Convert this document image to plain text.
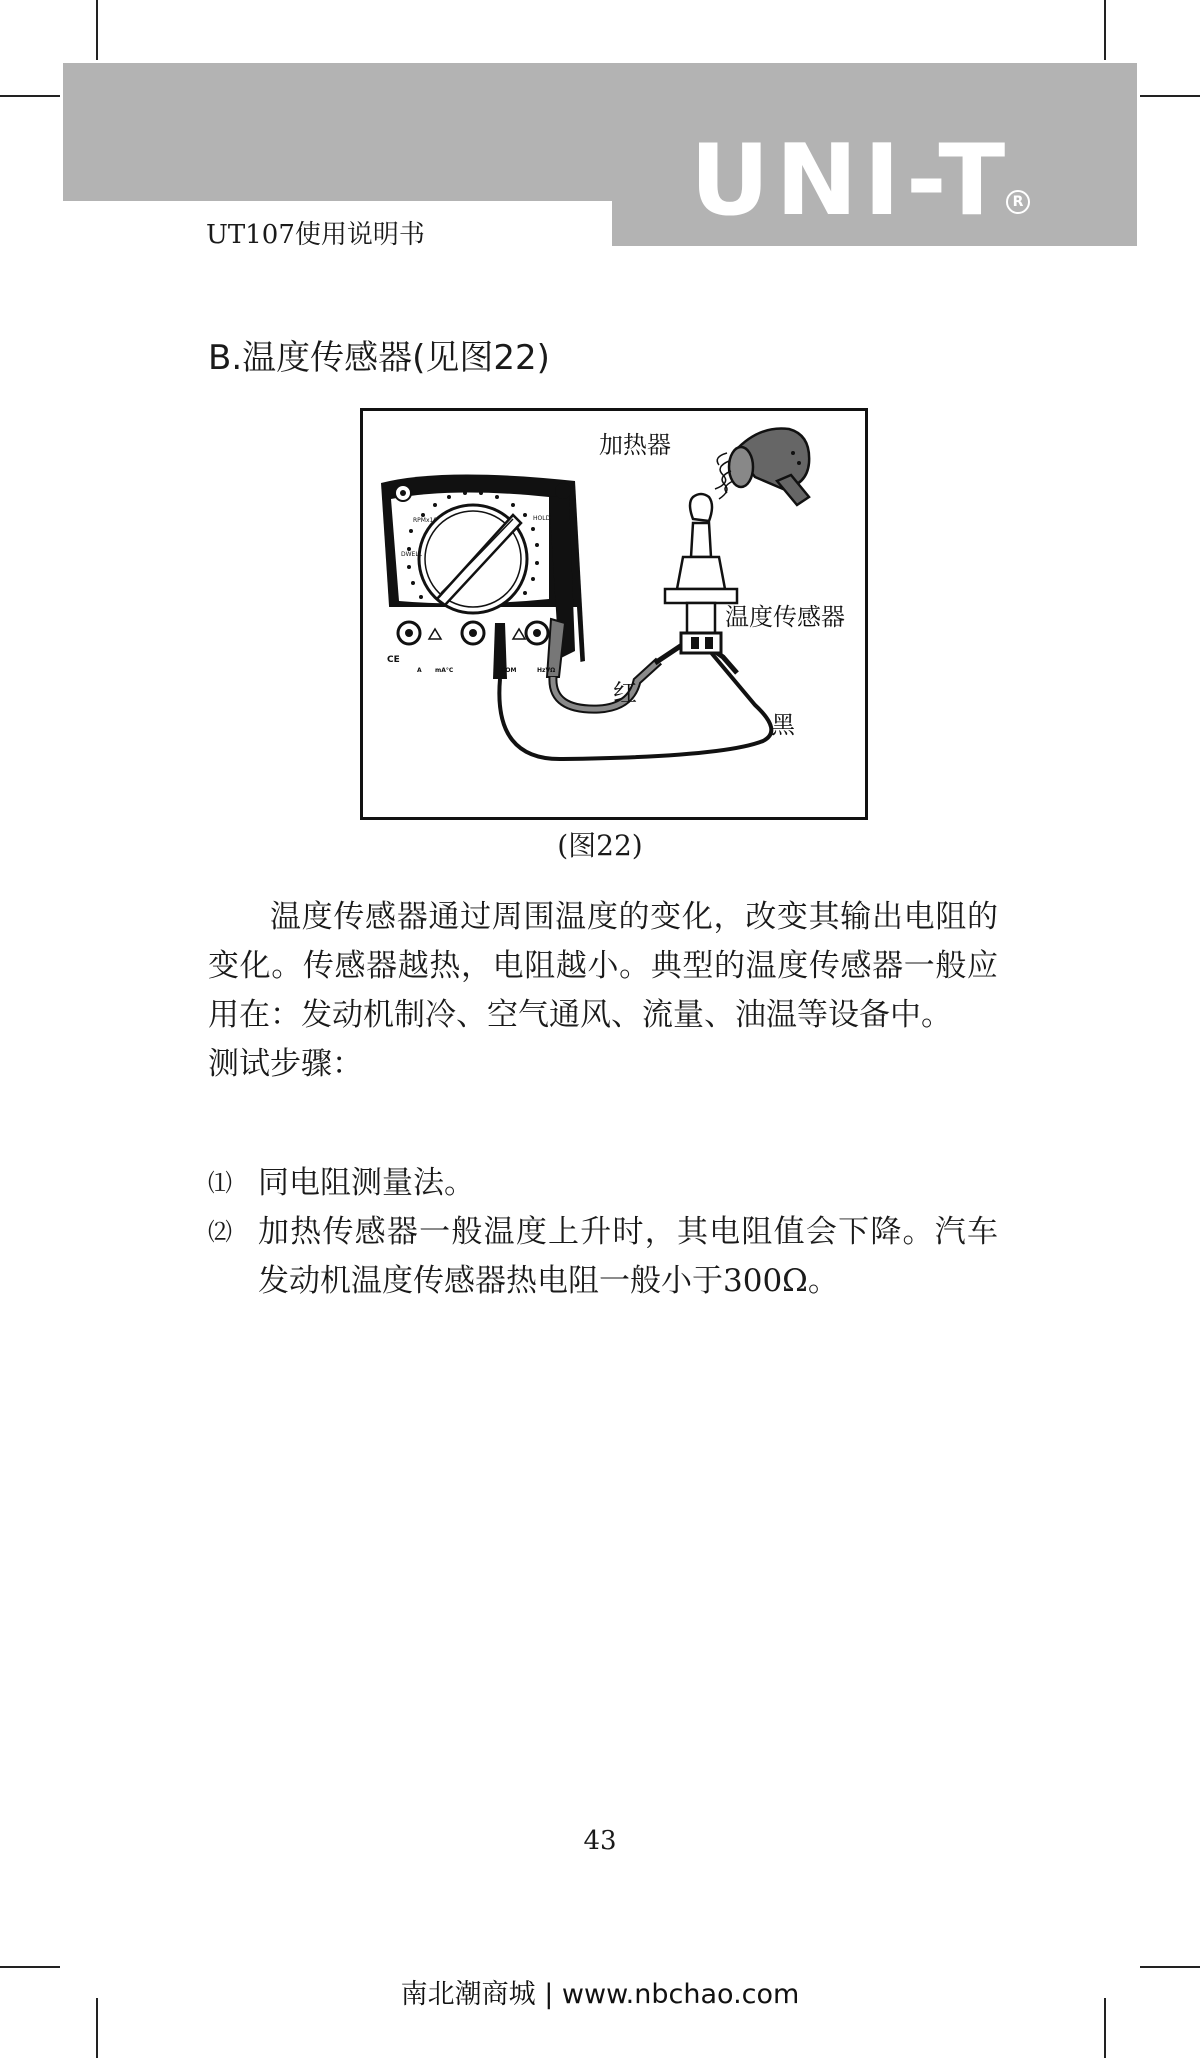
UNI-T R
UT107使用说明书
B.温度传感器(见图22)
加热器
温度传感器
红
黑
RPMx10	HOLD
DWELL
CE
A mA°C	COM	HzVΩ
(图22)

温度传感器通过周围温度的变化，改变其输出电阻的变化。传感器越热，电阻越小。典型的温度传感器一般应用在：发动机制冷、空气通风、流量、油温等设备中。

测试步骤：

⑴ 同电阻测量法。
⑵ 加热传感器一般温度上升时，其电阻值会下降。汽车发动机温度传感器热电阻一般小于300Ω。
43
南北潮商城 | www.nbchao.com
